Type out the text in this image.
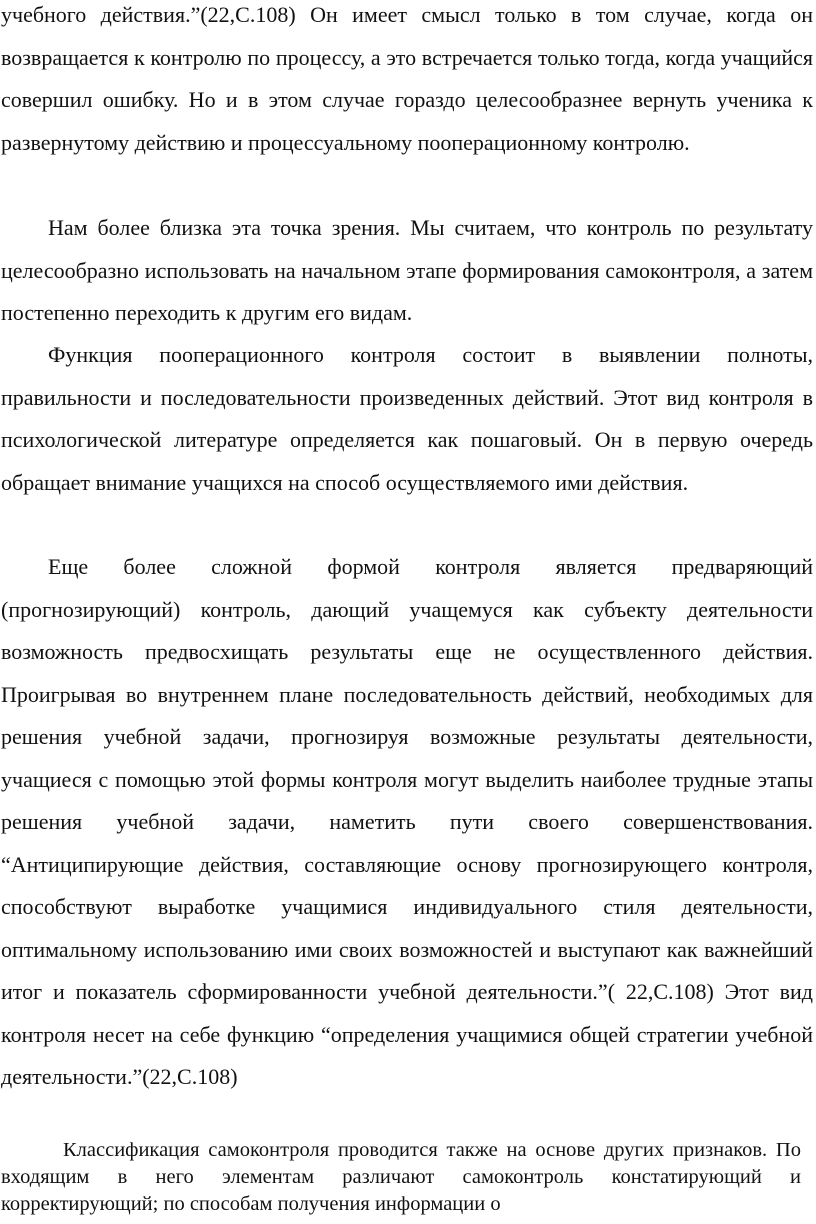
учебного действия.”(22,С.108) Он имеет смысл только в том случае, когда он возвращается к контролю по процессу, а это встречается только тогда, когда учащийся совершил ошибку. Но и в этом случае гораздо целесообразнее вернуть ученика к развернутому действию и процессуальному пооперационному контролю.

Нам более близка эта точка зрения. Мы считаем, что контроль по результату целесообразно использовать на начальном этапе формирования самоконтроля, а затем постепенно переходить к другим его видам.

Функция пооперационного контроля состоит в выявлении полноты, правильности и последовательности произведенных действий. Этот вид контроля в психологической литературе определяется как пошаговый. Он в первую очередь обращает внимание учащихся на способ осуществляемого ими действия.

Еще более сложной формой контроля является предваряющий (прогнозирующий) контроль, дающий учащемуся как субъекту деятельности возможность предвосхищать результаты еще не осуществленного действия. Проигрывая во внутреннем плане последовательность действий, необходимых для решения учебной задачи, прогнозируя возможные результаты деятельности, учащиеся с помощью этой формы контроля могут выделить наиболее трудные этапы решения учебной задачи, наметить пути своего совершенствования. “Антиципирующие действия, составляющие основу прогнозирующего контроля, способствуют выработке учащимися индивидуального стиля деятельности, оптимальному использованию ими своих возможностей и выступают как важнейший итог и показатель сформированности учебной деятельности.”( 22,С.108) Этот вид контроля несет на себе функцию “определения учащимися общей стратегии учебной деятельности.”(22,С.108)

Классификация самоконтроля проводится также на основе других признаков. По входящим в него элементам различают самоконтроль констатирующий и корректирующий; по способам получения информации о
